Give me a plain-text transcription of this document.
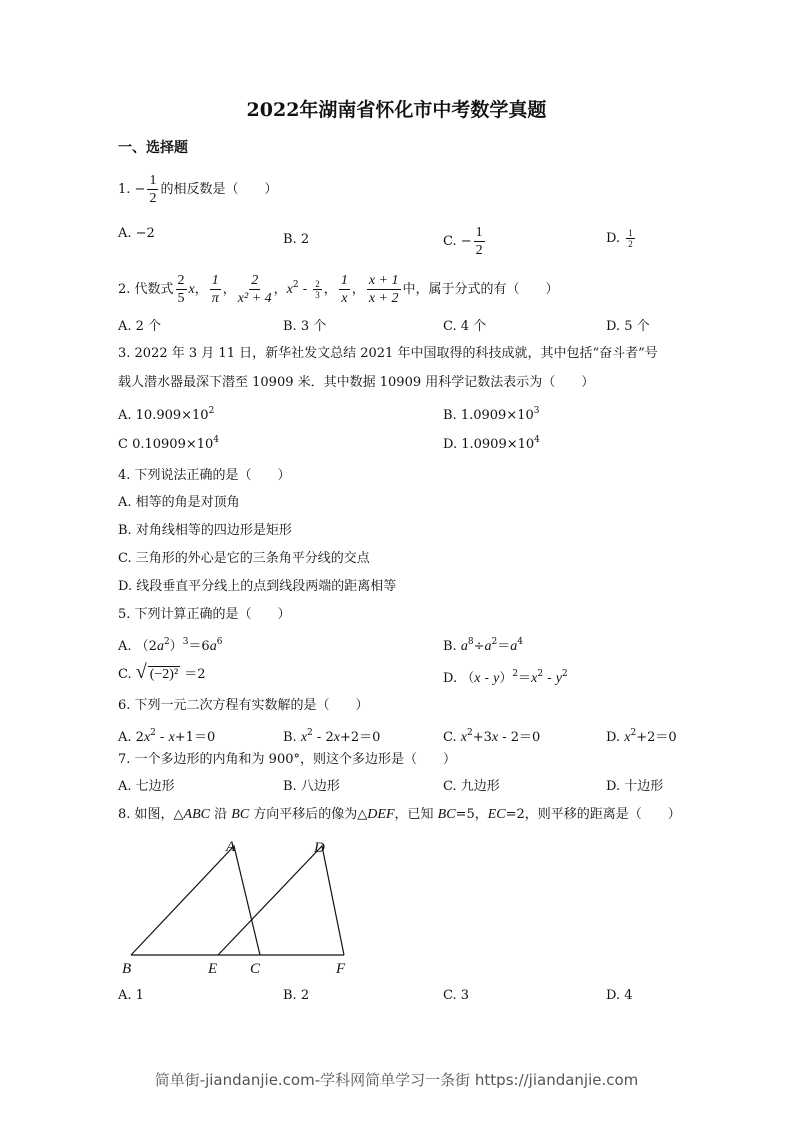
2022年湖南省怀化市中考数学真题
一、选择题
1. − $\frac{1}{2}$ 的相反数是（　　）
A. −2	B. 2	C. − $\frac{1}{2}$	D. $\frac{1}{2}$
2. 代数式 $\frac{2}{5}$ x， $\frac{1}{\pi}$ ， $\frac{2}{\text{x² + 4}}$ ，$x^2 - \frac{2}{3}$ ， $\frac{1}{x}$ ， $\frac{x + 1}{x + 2}$ 中，属于分式的有（　　）
A. 2 个	B. 3 个	C. 4 个	D. 5 个
3. 2022 年 3 月 11 日，新华社发文总结 2021 年中国取得的科技成就，其中包括“奋斗者”号
载人潜水器最深下潜至 10909 米．其中数据 10909 用科学记数法表示为（　　）
A. $10.909\times 10^2$	B. $1.0909\times 10^3$
C $0.10909\times 10^4$	D. $1.0909\times 10^4$
4. 下列说法正确的是（　　）
A. 相等的角是对顶角
B. 对角线相等的四边形是矩形
C. 三角形的外心是它的三条角平分线的交点
D. 线段垂直平分线上的点到线段两端的距离相等
5. 下列计算正确的是（　　）
A. $(2a^2)^3=6a^6$	B. $a^8\div a^2=a^4$
C. √ (−2)² ＝2	D. $(x - y)^2=x^2 - y^2$
6. 下列一元二次方程有实数解的是（　　）
A. $2x^2 - x+1=0$	B. $x^2 - 2x+2=0$	C. $x^2+3x - 2=0$	D. $x^2+2=0$
7. 一个多边形的内角和为 900°，则这个多边形是（　　）
A. 七边形	B. 八边形	C. 九边形	D. 十边形
8. 如图，△ABC 沿 BC 方向平移后的像为△DEF，已知 BC=5，EC=2，则平移的距离是（　　）
A	D
B	E C	F
A. 1	B. 2	C. 3	D. 4
简单街-jiandanjie.com-学科网简单学习一条街 https://jiandanjie.com
